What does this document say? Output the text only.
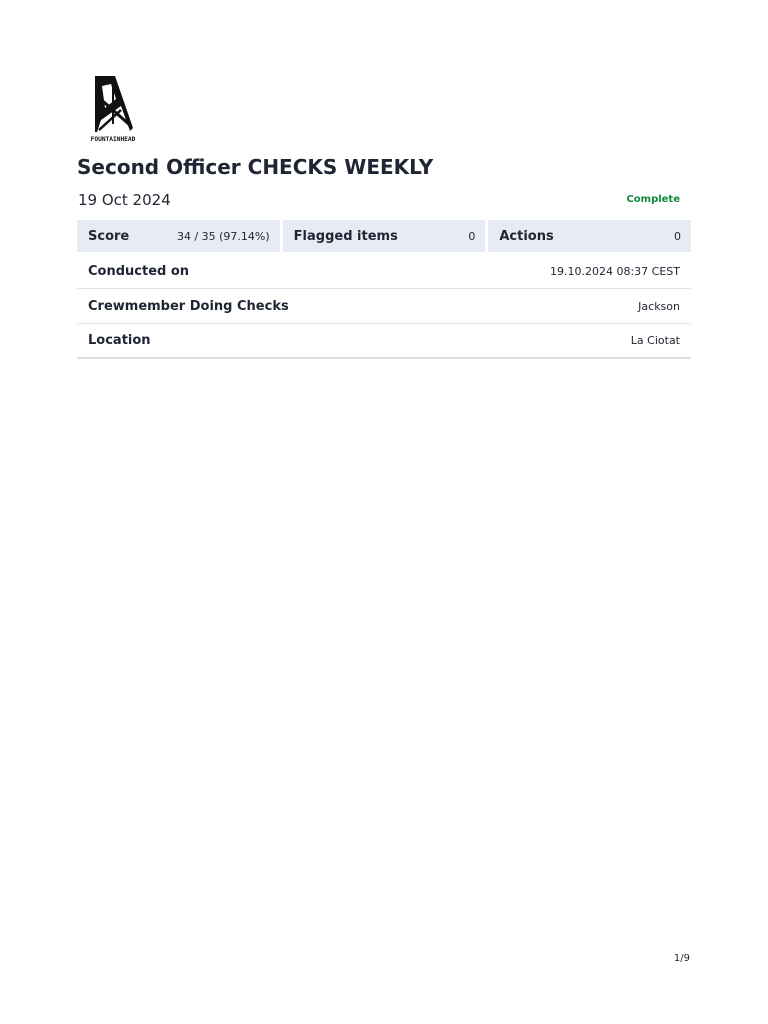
FOUNTAINHEAD
Second Officer CHECKS WEEKLY
19 Oct 2024	Complete
Score	34 / 35 (97.14%) Flagged items	0 Actions	0
Conducted on	19.10.2024 08:37 CEST
Crewmember Doing Checks	Jackson
Location	La Ciotat
1/9
